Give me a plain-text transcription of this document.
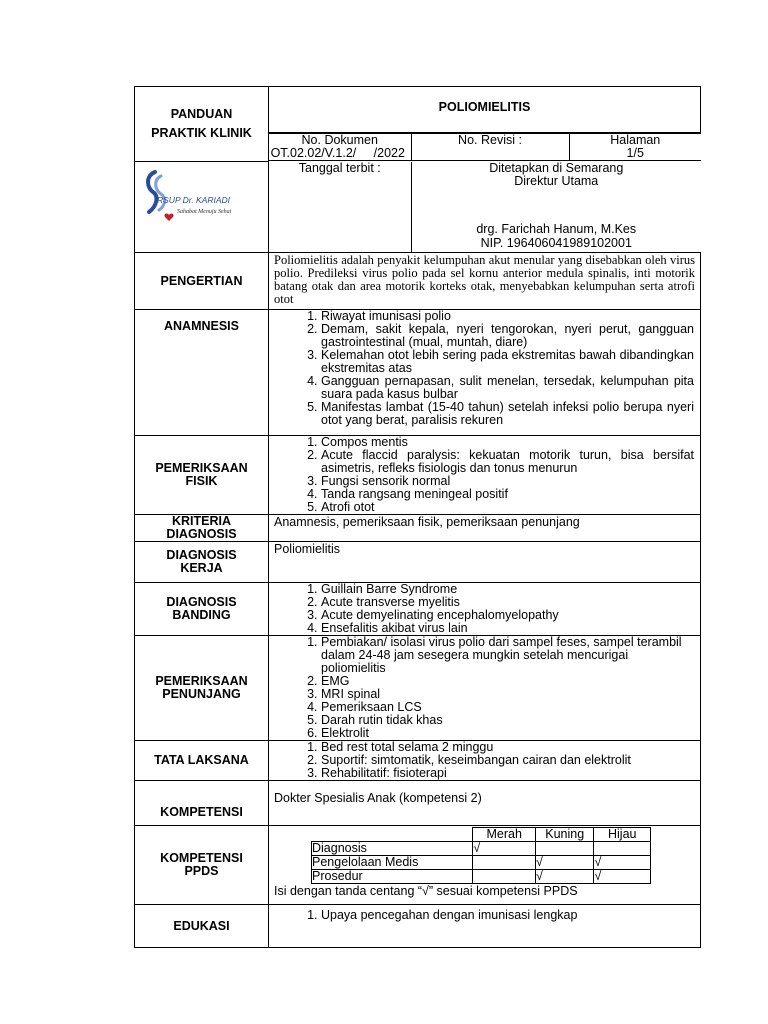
PANDUAN
PRAKTIK KLINIK
	POLIOMIELITIS

No. Dokumen
OT.02.02/V.1.2/     /2022

No. Revisi :	Halaman
1/5

RSUP Dr. KARIADI
Sahabat Menuju Sehat

Tanggal terbit :	Ditetapkan di Semarang
Direktur Utama
drg. Farichah Hanum, M.Kes
NIP. 196406041989102001

PENGERTIAN
	Poliomielitis adalah penyakit kelumpuhan akut menular yang disebabkan oleh virus polio. Predileksi virus polio pada sel kornu anterior medula spinalis, inti motorik batang otak dan area motorik korteks otak, menyebabkan kelumpuhan serta atrofi otot

ANAMNESIS

1. Riwayat imunisasi polio
2. Demam, sakit kepala, nyeri tengorokan, nyeri perut, gangguan gastrointestinal (mual, muntah, diare)
3. Kelemahan otot lebih sering pada ekstremitas bawah dibandingkan ekstremitas atas
4. Gangguan pernapasan, sulit menelan, tersedak, kelumpuhan pita suara pada kasus bulbar
5. Manifestas lambat (15-40 tahun) setelah infeksi polio berupa nyeri otot yang berat, paralisis rekuren

PEMERIKSAAN
FISIK

1. Compos mentis
2. Acute flaccid paralysis: kekuatan motorik turun, bisa bersifat asimetris, refleks fisiologis dan tonus menurun
3. Fungsi sensorik normal
4. Tanda rangsang meningeal positif
5. Atrofi otot

KRITERIA
DIAGNOSIS
	Anamnesis, pemeriksaan fisik, pemeriksaan penunjang

DIAGNOSIS
KERJA
	Poliomielitis

DIAGNOSIS
BANDING

1. Guillain Barre Syndrome
2. Acute transverse myelitis
3. Acute demyelinating encephalomyelopathy
4. Ensefalitis akibat virus lain

PEMERIKSAAN
PENUNJANG

1. Pembiakan/ isolasi virus polio dari sampel feses, sampel terambil dalam 24-48 jam sesegera mungkin setelah mencurigai poliomielitis
2. EMG
3. MRI spinal
4. Pemeriksaan LCS
5. Darah rutin tidak khas
6. Elektrolit

TATA LAKSANA

1. Bed rest total selama 2 minggu
2. Suportif: simtomatik, keseimbangan cairan dan elektrolit
3. Rehabilitatif: fisioterapi

KOMPETENSI
	Dokter Spesialis Anak (kompetensi 2)

KOMPETENSI
PPDS

	Merah	Kuning	Hijau
Diagnosis	√		
Pengelolaan Medis		√	√
Prosedur		√	√
Isi dengan tanda centang “√” sesuai kompetensi PPDS

EDUKASI

1. Upaya pencegahan dengan imunisasi lengkap
